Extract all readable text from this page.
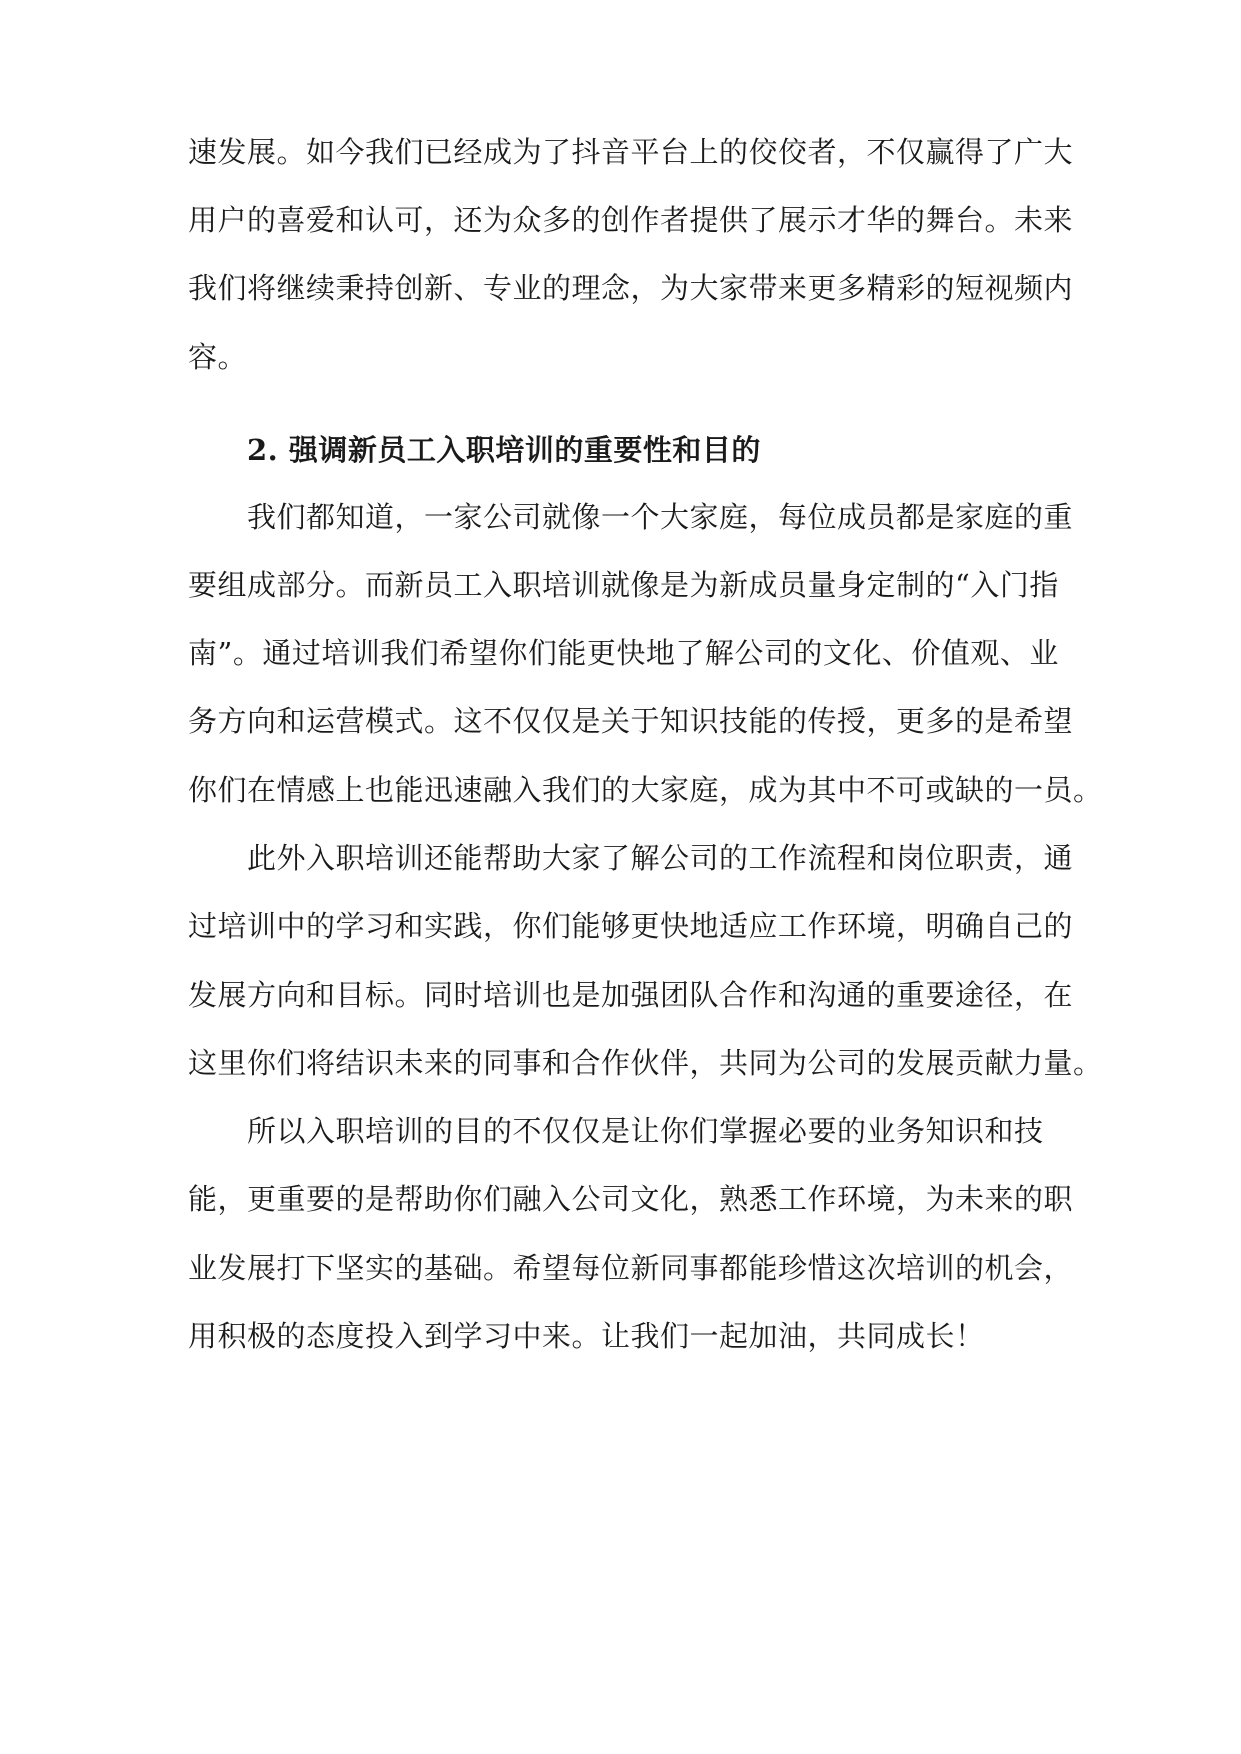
速发展。如今我们已经成为了抖音平台上的佼佼者，不仅赢得了广大
用户的喜爱和认可，还为众多的创作者提供了展示才华的舞台。未来
我们将继续秉持创新、专业的理念，为大家带来更多精彩的短视频内
容。
2. 强调新员工入职培训的重要性和目的
我们都知道，一家公司就像一个大家庭，每位成员都是家庭的重
要组成部分。而新员工入职培训就像是为新成员量身定制的“入门指
南”。通过培训我们希望你们能更快地了解公司的文化、价值观、业
务方向和运营模式。这不仅仅是关于知识技能的传授，更多的是希望
你们在情感上也能迅速融入我们的大家庭，成为其中不可或缺的一员。
此外入职培训还能帮助大家了解公司的工作流程和岗位职责，通
过培训中的学习和实践，你们能够更快地适应工作环境，明确自己的
发展方向和目标。同时培训也是加强团队合作和沟通的重要途径，在
这里你们将结识未来的同事和合作伙伴，共同为公司的发展贡献力量。
所以入职培训的目的不仅仅是让你们掌握必要的业务知识和技
能，更重要的是帮助你们融入公司文化，熟悉工作环境，为未来的职
业发展打下坚实的基础。希望每位新同事都能珍惜这次培训的机会，
用积极的态度投入到学习中来。让我们一起加油，共同成长！
